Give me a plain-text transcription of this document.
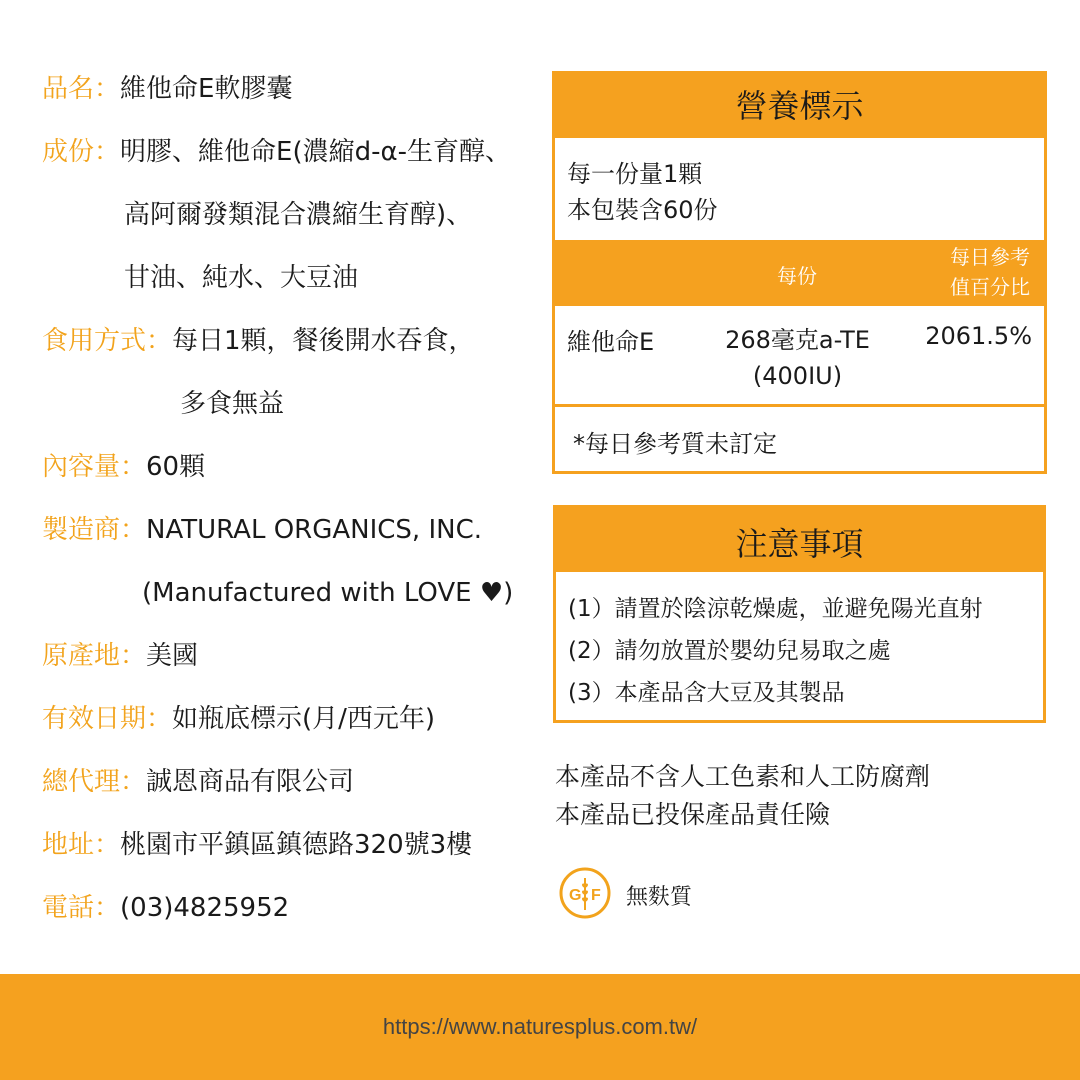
品名：維他命E軟膠囊
成份：明膠、維他命E(濃縮d-α-生育醇、
高阿爾發類混合濃縮生育醇)、
甘油、純水、大豆油
食用方式：每日1顆，餐後開水吞食，
多食無益
內容量：60顆
製造商：NATURAL ORGANICS, INC.
(Manufactured with LOVE ♥)
原產地：美國
有效日期：如瓶底標示(月/西元年)
總代理：誠恩商品有限公司
地址：桃園市平鎮區鎮德路320號3樓
電話：(03)4825952
營養標示
每一份量1顆
本包裝含60份
每份
每日參考
值百分比
維他命E	268毫克a-TE
(400IU)
2061.5%
*每日參考質未訂定
注意事項
(1）請置於陰涼乾燥處，並避免陽光直射
(2）請勿放置於嬰幼兒易取之處
(3）本產品含大豆及其製品
本產品不含人工色素和人工防腐劑
本產品已投保產品責任險
G F 無麩質
https://www.naturesplus.com.tw/
